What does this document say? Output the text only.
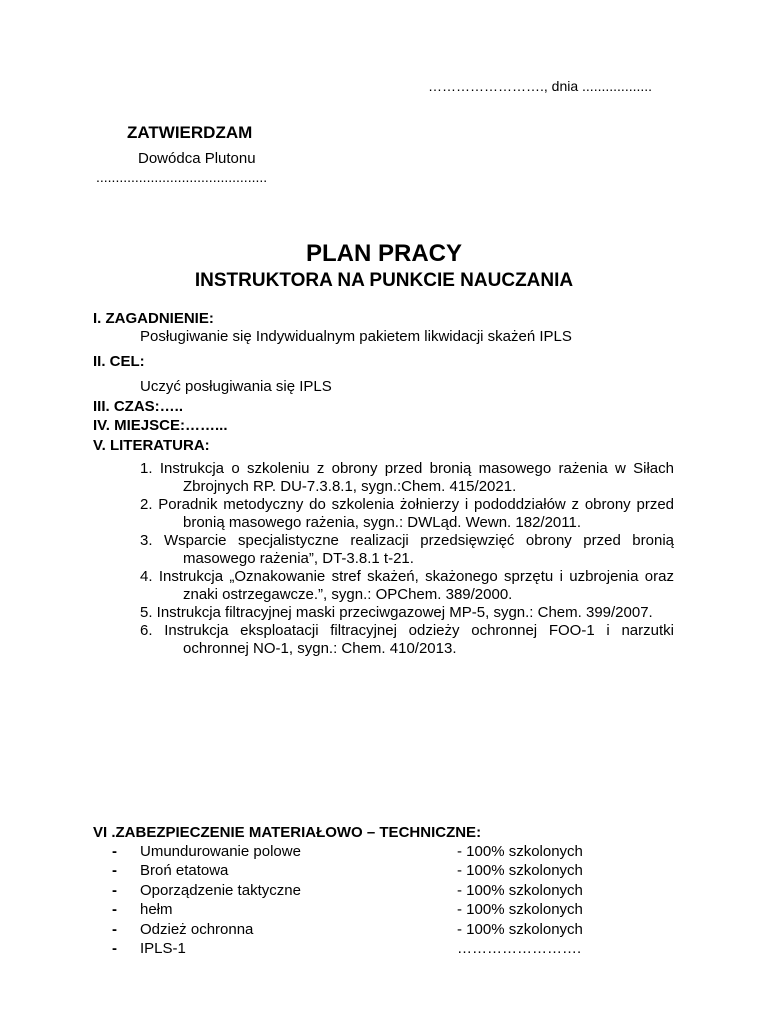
……………………., dnia ..................
ZATWIERDZAM
Dowódca Plutonu
............................................
PLAN PRACY
INSTRUKTORA NA PUNKCIE NAUCZANIA
I. ZAGADNIENIE:
Posługiwanie się Indywidualnym pakietem likwidacji skażeń IPLS
II. CEL:
Uczyć posługiwania się IPLS
III. CZAS:…..
IV. MIEJSCE:……...
V. LITERATURA:
1. Instrukcja o szkoleniu z obrony przed bronią masowego rażenia w Siłach Zbrojnych RP. DU-7.3.8.1, sygn.:Chem. 415/2021.
2. Poradnik metodyczny do szkolenia żołnierzy i pododdziałów z obrony przed bronią masowego rażenia, sygn.: DWLąd. Wewn. 182/2011.
3. Wsparcie specjalistyczne realizacji przedsięwzięć obrony przed bronią masowego rażenia”, DT-3.8.1 t-21.
4. Instrukcja „Oznakowanie stref skażeń, skażonego sprzętu i uzbrojenia oraz znaki ostrzegawcze.”, sygn.: OPChem. 389/2000.
5. Instrukcja filtracyjnej maski przeciwgazowej MP-5, sygn.: Chem. 399/2007.
6. Instrukcja eksploatacji filtracyjnej odzieży ochronnej FOO-1 i narzutki ochronnej NO-1, sygn.: Chem. 410/2013.
VI .ZABEZPIECZENIE MATERIAŁOWO – TECHNICZNE:
- Umundurowanie polowe	- 100% szkolonych
- Broń etatowa	- 100% szkolonych
- Oporządzenie taktyczne	- 100% szkolonych
- hełm	- 100% szkolonych
- Odzież ochronna	- 100% szkolonych
- IPLS-1	…………………….
